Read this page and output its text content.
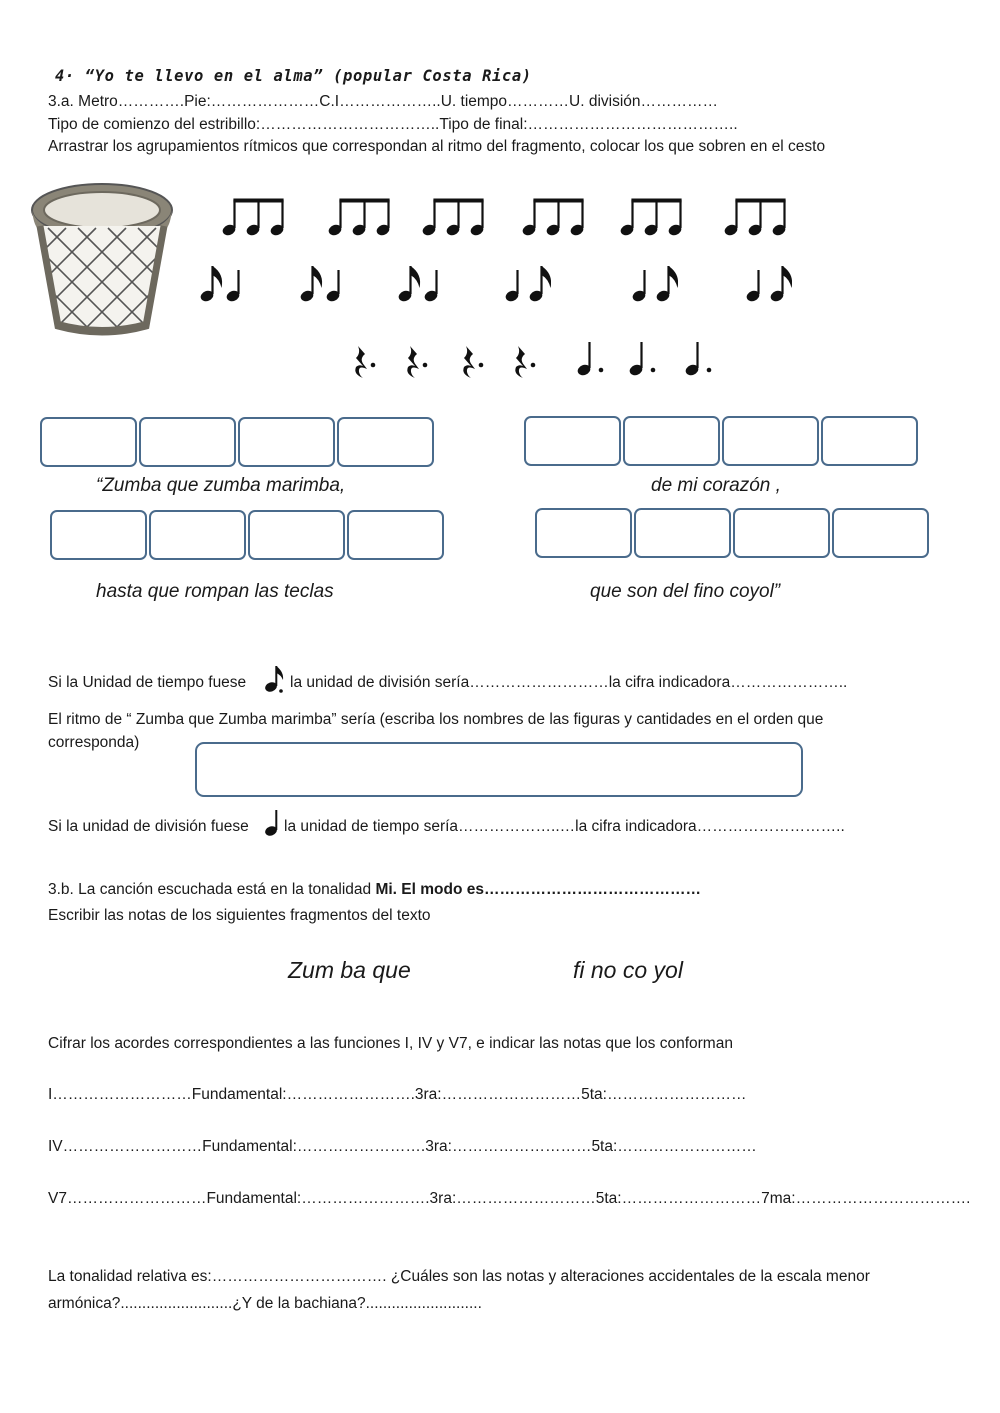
4· “Yo te llevo en el alma” (popular Costa Rica)
3.a. Metro………….Pie:…………………C.I………………..U. tiempo…………U. división……………
Tipo de comienzo del estribillo:……………………………..Tipo de final:…………………………………..
Arrastrar los agrupamientos rítmicos que correspondan al ritmo del fragmento, colocar los que sobren en el cesto
“Zumba que zumba marimba,	de mi corazón ,
hasta que rompan las teclas	que son del fino coyol”
Si la Unidad de tiempo fuese	la unidad de división sería………………………la cifra indicadora…………………..
El ritmo de “ Zumba que Zumba marimba” sería (escriba los nombres de las figuras y cantidades en el orden que
corresponda)
Si la unidad de división fuese la unidad de tiempo sería………………..…la cifra indicadora………………………..
3.b. La canción escuchada está en la tonalidad Mi. El modo es……………………………………
Escribir las notas de los siguientes fragmentos del texto
Zum ba que	fi no co yol
Cifrar los acordes correspondientes a las funciones I, IV y V7, e indicar las notas que los conforman
I………………………Fundamental:…………………….3ra:………………………5ta:………………………
IV………………………Fundamental:…………………….3ra:………………………5ta:………………………
V7………………………Fundamental:…………………….3ra:………………………5ta:………………………7ma:…………………………….
La tonalidad relativa es:……………………………. ¿Cuáles son las notas y alteraciones accidentales de la escala menor
armónica?..........................¿Y de la bachiana?...........................
